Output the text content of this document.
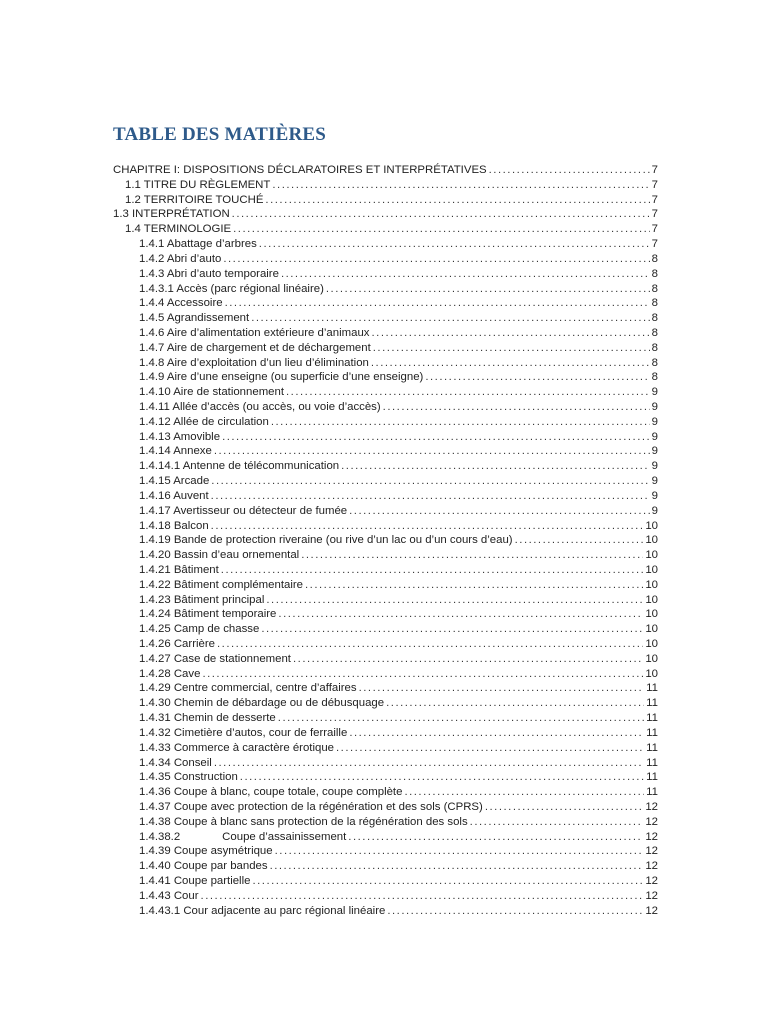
TABLE DES MATIÈRES
CHAPITRE I: DISPOSITIONS DÉCLARATOIRES ET INTERPRÉTATIVES .....	7
1.1 TITRE DU RÈGLEMENT .....	7
1.2 TERRITOIRE TOUCHÉ .....	7
1.3 INTERPRÉTATION .....	7
1.4 TERMINOLOGIE .....	7
1.4.1 Abattage d’arbres .....	7
1.4.2 Abri d’auto .....	8
1.4.3 Abri d’auto temporaire .....	8
1.4.3.1 Accès (parc régional linéaire) .....	8
1.4.4 Accessoire .....	8
1.4.5 Agrandissement .....	8
1.4.6 Aire d’alimentation extérieure d’animaux .....	8
1.4.7 Aire de chargement et de déchargement .....	8
1.4.8 Aire d’exploitation d’un lieu d’élimination .....	8
1.4.9 Aire d’une enseigne (ou superficie d’une enseigne) .....	8
1.4.10 Aire de stationnement .....	9
1.4.11 Allée d’accès (ou accès, ou voie d’accès) .....	9
1.4.12 Allée de circulation .....	9
1.4.13 Amovible .....	9
1.4.14 Annexe .....	9
1.4.14.1 Antenne de télécommunication .....	9
1.4.15 Arcade .....	9
1.4.16 Auvent .....	9
1.4.17 Avertisseur ou détecteur de fumée .....	9
1.4.18 Balcon .....	10
1.4.19 Bande de protection riveraine (ou rive d’un lac ou d’un cours d’eau) .....	10
1.4.20 Bassin d’eau ornemental .....	10
1.4.21 Bâtiment .....	10
1.4.22 Bâtiment complémentaire .....	10
1.4.23 Bâtiment principal .....	10
1.4.24 Bâtiment temporaire .....	10
1.4.25 Camp de chasse .....	10
1.4.26 Carrière .....	10
1.4.27 Case de stationnement .....	10
1.4.28 Cave .....	10
1.4.29 Centre commercial, centre d’affaires .....	11
1.4.30 Chemin de débardage ou de débusquage .....	11
1.4.31 Chemin de desserte .....	11
1.4.32 Cimetière d’autos, cour de ferraille .....	11
1.4.33 Commerce à caractère érotique .....	11
1.4.34 Conseil .....	11
1.4.35 Construction .....	11
1.4.36 Coupe à blanc, coupe totale, coupe complète .....	11
1.4.37 Coupe avec protection de la régénération et des sols (CPRS) .....	12
1.4.38 Coupe à blanc sans protection de la régénération des sols .....	12
1.4.38.2	Coupe d’assainissement .....	12
1.4.39 Coupe asymétrique .....	12
1.4.40 Coupe par bandes .....	12
1.4.41 Coupe partielle .....	12
1.4.43 Cour .....	12
1.4.43.1 Cour adjacente au parc régional linéaire .....	12
